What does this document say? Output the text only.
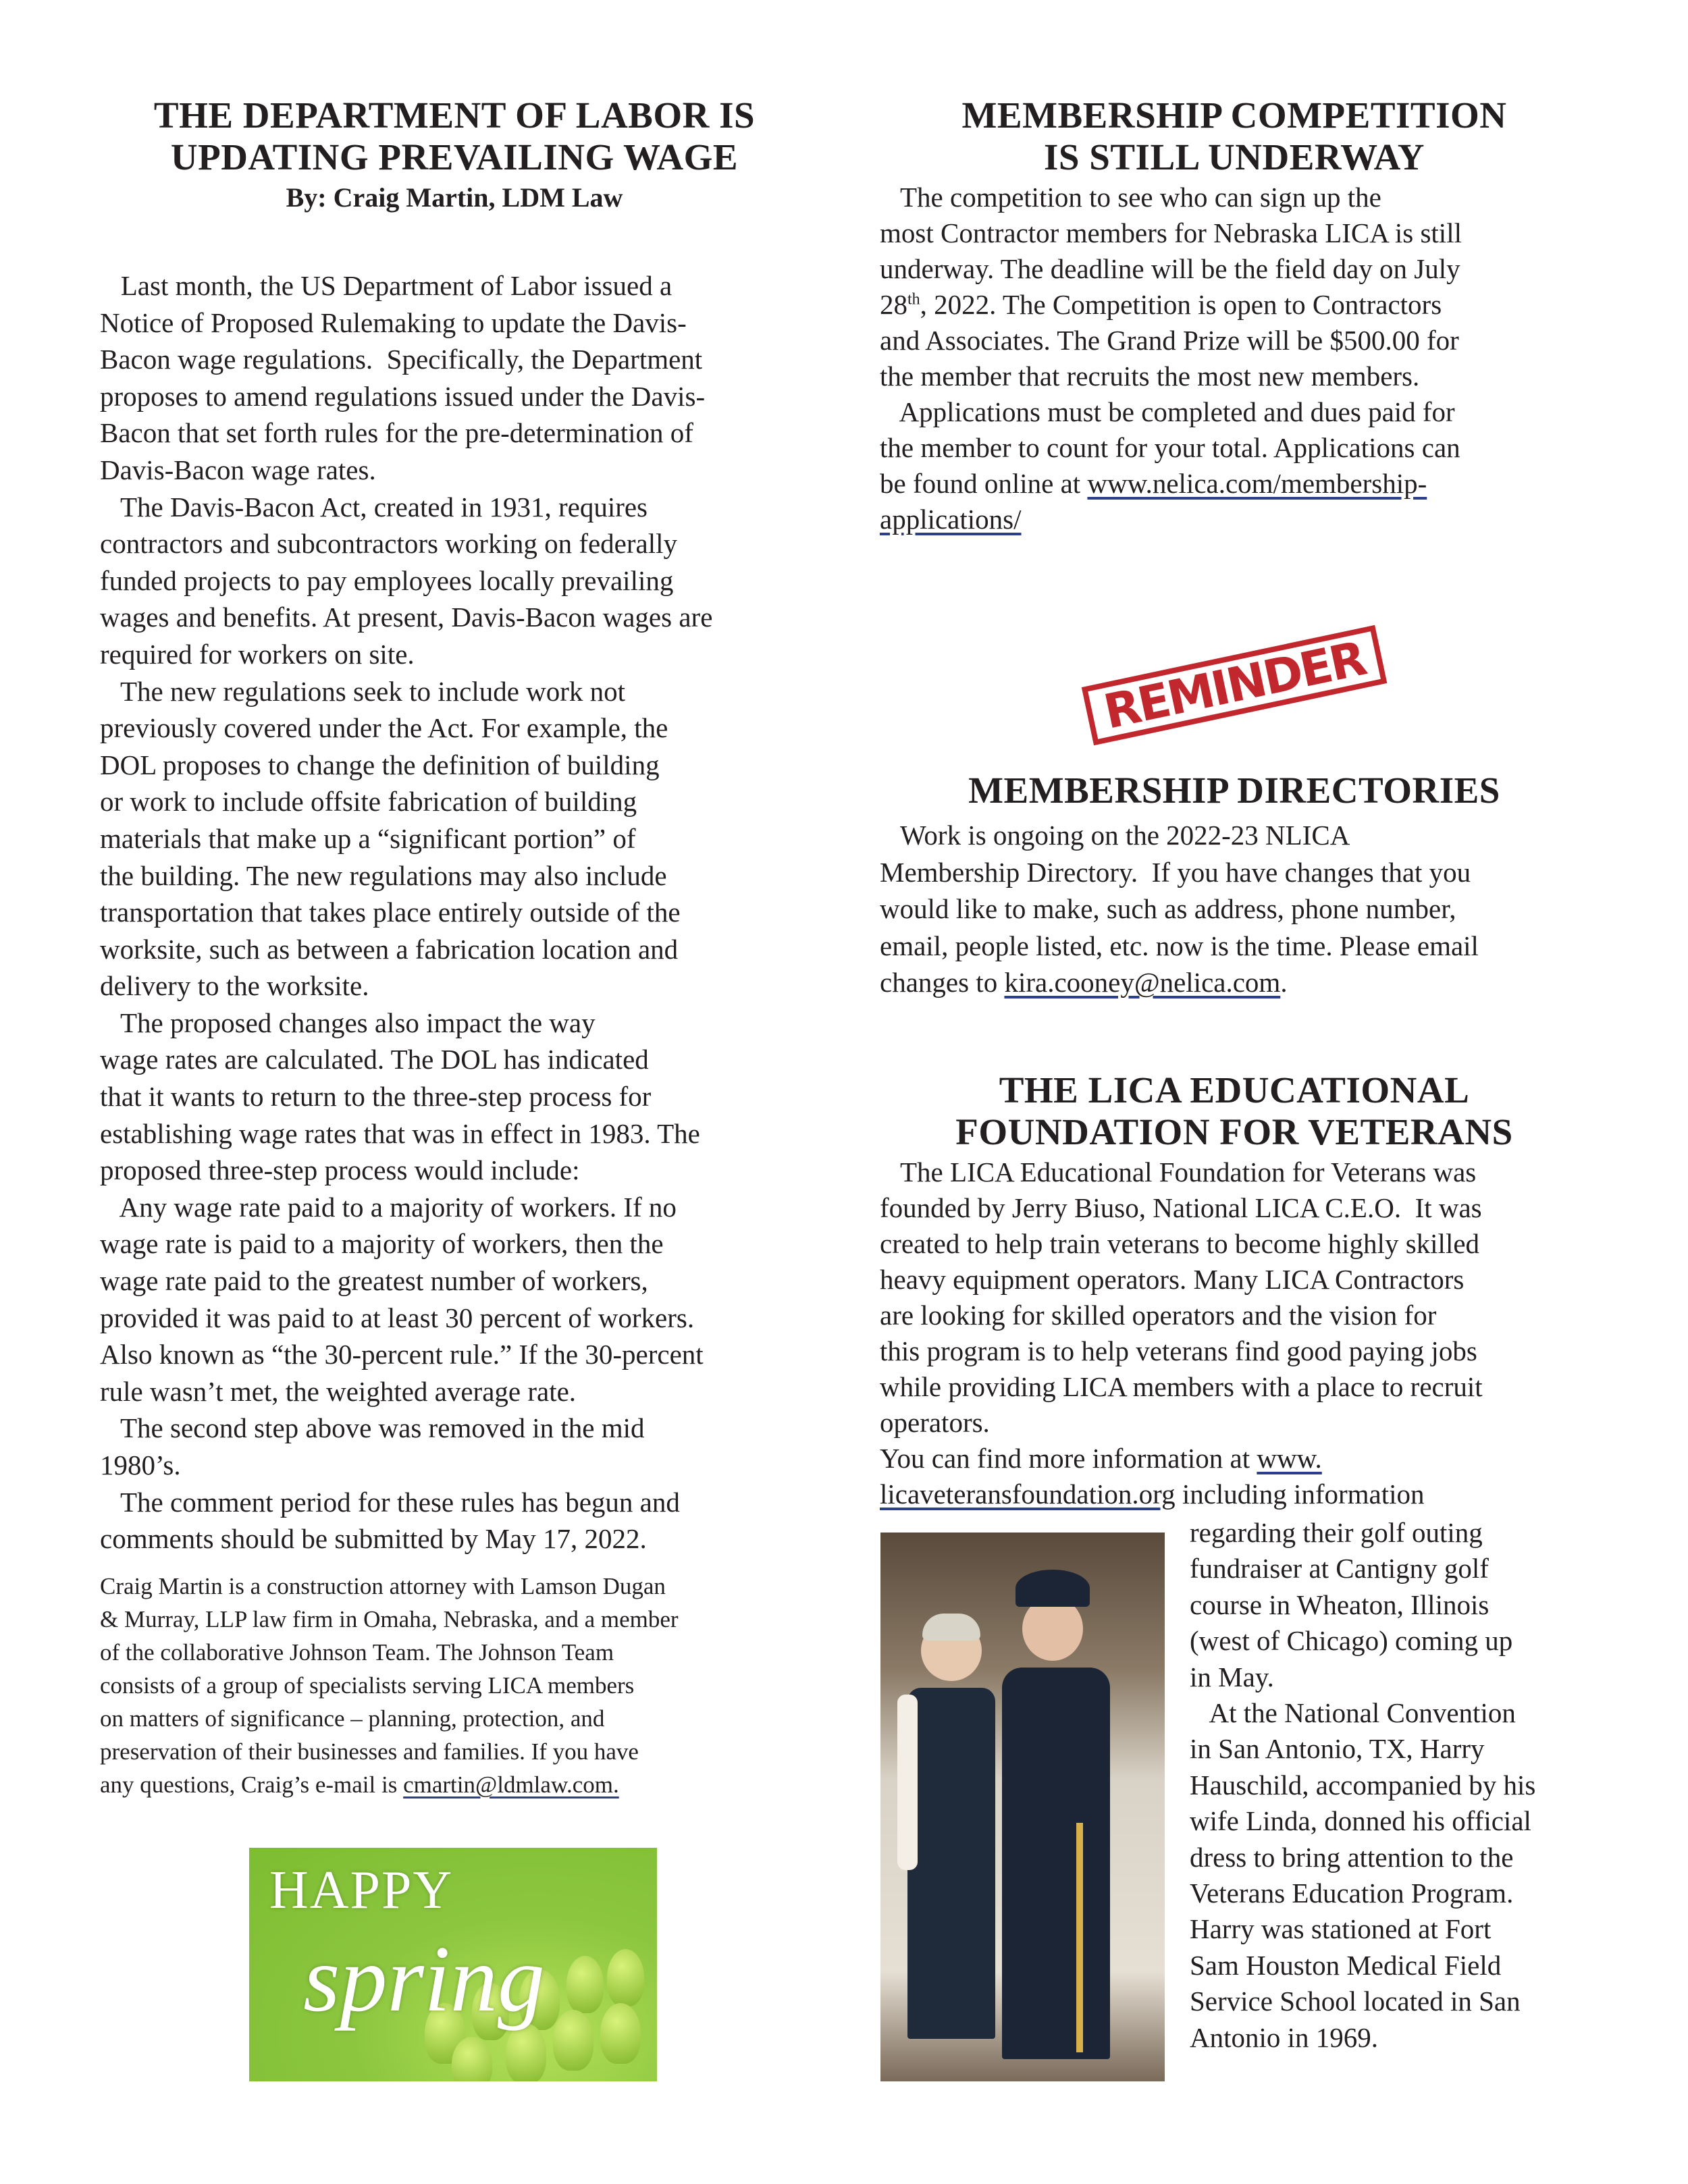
THE DEPARTMENT OF LABOR IS
UPDATING PREVAILING WAGE
By: Craig Martin, LDM Law
Last month, the US Department of Labor issued a
Notice of Proposed Rulemaking to update the Davis-
Bacon wage regulations.  Specifically, the Department
proposes to amend regulations issued under the Davis-
Bacon that set forth rules for the pre-determination of
Davis-Bacon wage rates.
The Davis-Bacon Act, created in 1931, requires
contractors and subcontractors working on federally
funded projects to pay employees locally prevailing
wages and benefits. At present, Davis-Bacon wages are
required for workers on site.
The new regulations seek to include work not
previously covered under the Act. For example, the
DOL proposes to change the definition of building
or work to include offsite fabrication of building
materials that make up a “significant portion” of
the building. The new regulations may also include
transportation that takes place entirely outside of the
worksite, such as between a fabrication location and
delivery to the worksite.
The proposed changes also impact the way
wage rates are calculated. The DOL has indicated
that it wants to return to the three-step process for
establishing wage rates that was in effect in 1983. The
proposed three-step process would include:
Any wage rate paid to a majority of workers. If no
wage rate is paid to a majority of workers, then the
wage rate paid to the greatest number of workers,
provided it was paid to at least 30 percent of workers.
Also known as “the 30-percent rule.” If the 30-percent
rule wasn’t met, the weighted average rate.
The second step above was removed in the mid
1980’s.
The comment period for these rules has begun and
comments should be submitted by May 17, 2022.
Craig Martin is a construction attorney with Lamson Dugan
& Murray, LLP law firm in Omaha, Nebraska, and a member
of the collaborative Johnson Team. The Johnson Team
consists of a group of specialists serving LICA members
on matters of significance – planning, protection, and
preservation of their businesses and families. If you have
any questions, Craig’s e-mail is cmartin@ldmlaw.com.
HAPPY
spring
MEMBERSHIP COMPETITION
IS STILL UNDERWAY
The competition to see who can sign up the
most Contractor members for Nebraska LICA is still
underway. The deadline will be the field day on July
28th, 2022. The Competition is open to Contractors
and Associates. The Grand Prize will be $500.00 for
the member that recruits the most new members.
Applications must be completed and dues paid for
the member to count for your total. Applications can
be found online at www.nelica.com/membership-
applications/
REMINDER
MEMBERSHIP DIRECTORIES
Work is ongoing on the 2022-23 NLICA
Membership Directory.  If you have changes that you
would like to make, such as address, phone number,
email, people listed, etc. now is the time. Please email
changes to kira.cooney@nelica.com.
THE LICA EDUCATIONAL
FOUNDATION FOR VETERANS
The LICA Educational Foundation for Veterans was
founded by Jerry Biuso, National LICA C.E.O.  It was
created to help train veterans to become highly skilled
heavy equipment operators. Many LICA Contractors
are looking for skilled operators and the vision for
this program is to help veterans find good paying jobs
while providing LICA members with a place to recruit
operators.
You can find more information at www.
licaveteransfoundation.org including information
regarding their golf outing
fundraiser at Cantigny golf
course in Wheaton, Illinois
(west of Chicago) coming up
in May.
At the National Convention
in San Antonio, TX, Harry
Hauschild, accompanied by his
wife Linda, donned his official
dress to bring attention to the
Veterans Education Program.
Harry was stationed at Fort
Sam Houston Medical Field
Service School located in San
Antonio in 1969.
